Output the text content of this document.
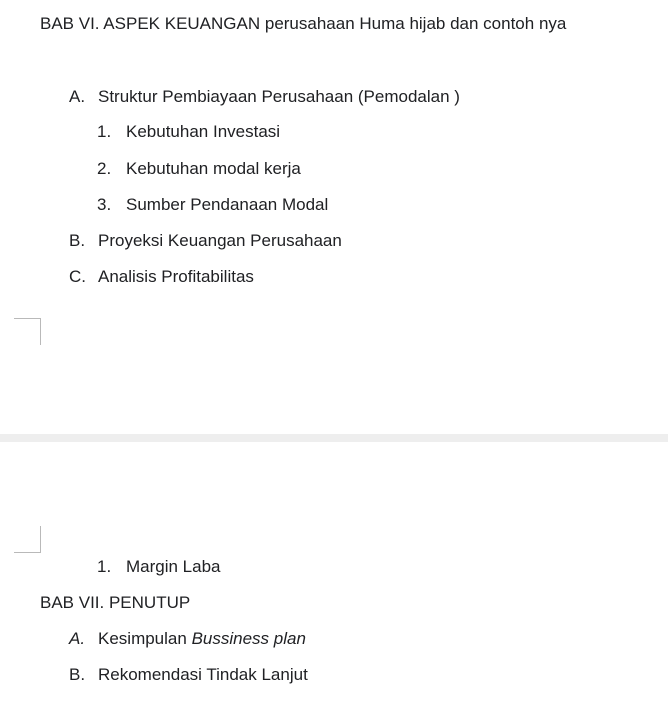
BAB VI. ASPEK KEUANGAN perusahaan Huma hijab dan contoh nya
A. Struktur Pembiayaan Perusahaan (Pemodalan )
1. Kebutuhan Investasi
2. Kebutuhan modal kerja
3. Sumber Pendanaan Modal
B. Proyeksi Keuangan Perusahaan
C. Analisis Profitabilitas
1. Margin Laba
BAB VII. PENUTUP
A. Kesimpulan Bussiness plan
B. Rekomendasi Tindak Lanjut
